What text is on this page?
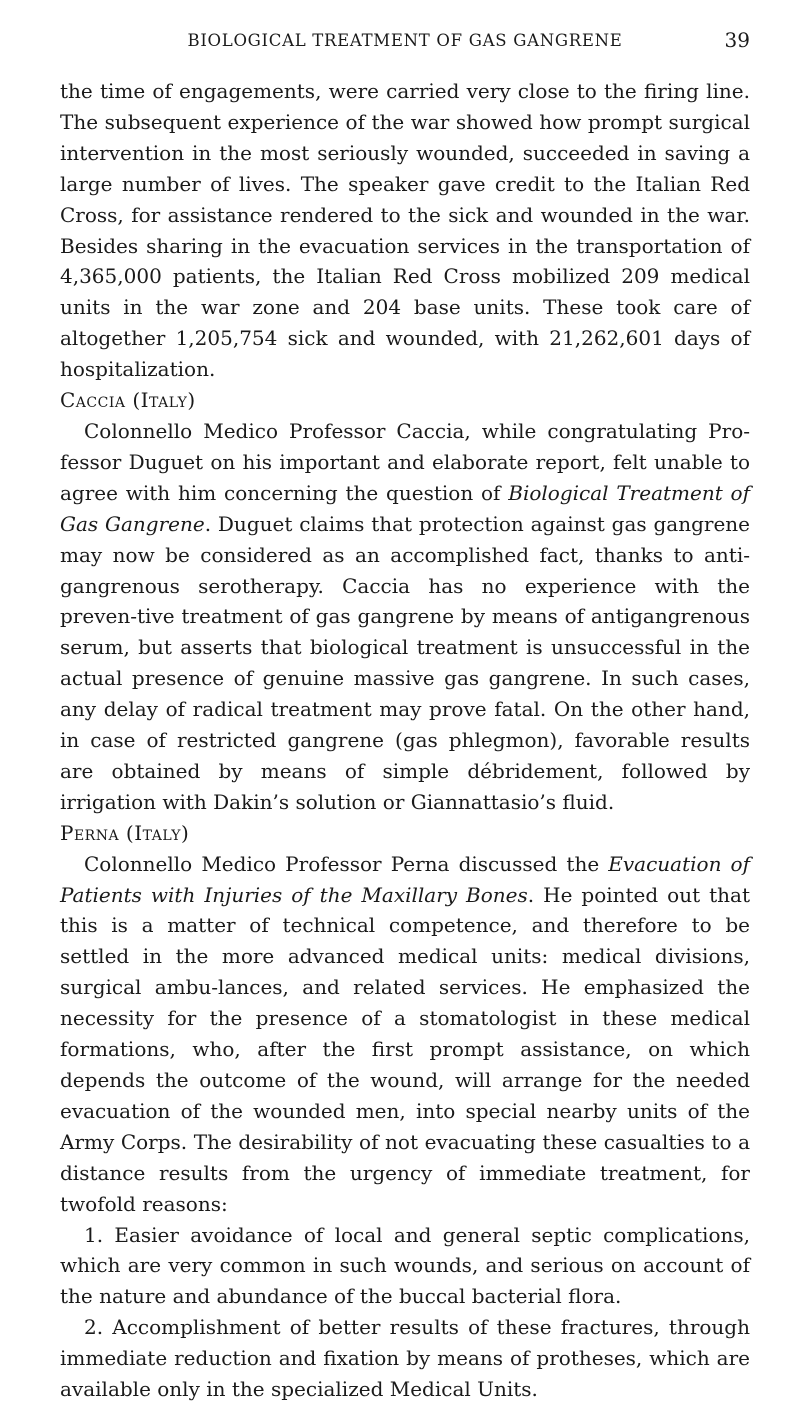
BIOLOGICAL TREATMENT OF GAS GANGRENE	39

the time of engagements, were carried very close to the firing line. The subsequent experience of the war showed how prompt surgical intervention in the most seriously wounded, succeeded in saving a large number of lives. The speaker gave credit to the Italian Red Cross, for assistance rendered to the sick and wounded in the war. Besides sharing in the evacuation services in the transportation of 4,365,000 patients, the Italian Red Cross mobilized 209 medical units in the war zone and 204 base units. These took care of altogether 1,205,754 sick and wounded, with 21,262,601 days of hospitalization.

Caccia (Italy)

Colonnello Medico Professor Caccia, while congratulating Pro-fessor Duguet on his important and elaborate report, felt unable to agree with him concerning the question of Biological Treatment of Gas Gangrene. Duguet claims that protection against gas gangrene may now be considered as an accomplished fact, thanks to anti-gangrenous serotherapy. Caccia has no experience with the preven-tive treatment of gas gangrene by means of antigangrenous serum, but asserts that biological treatment is unsuccessful in the actual presence of genuine massive gas gangrene. In such cases, any delay of radical treatment may prove fatal. On the other hand, in case of restricted gangrene (gas phlegmon), favorable results are obtained by means of simple débridement, followed by irrigation with Dakin’s solution or Giannattasio’s fluid.

Perna (Italy)

Colonnello Medico Professor Perna discussed the Evacuation of Patients with Injuries of the Maxillary Bones. He pointed out that this is a matter of technical competence, and therefore to be settled in the more advanced medical units: medical divisions, surgical ambu-lances, and related services. He emphasized the necessity for the presence of a stomatologist in these medical formations, who, after the first prompt assistance, on which depends the outcome of the wound, will arrange for the needed evacuation of the wounded men, into special nearby units of the Army Corps. The desirability of not evacuating these casualties to a distance results from the urgency of immediate treatment, for twofold reasons:

1. Easier avoidance of local and general septic complications, which are very common in such wounds, and serious on account of the nature and abundance of the buccal bacterial flora.

2. Accomplishment of better results of these fractures, through immediate reduction and fixation by means of protheses, which are available only in the specialized Medical Units.
